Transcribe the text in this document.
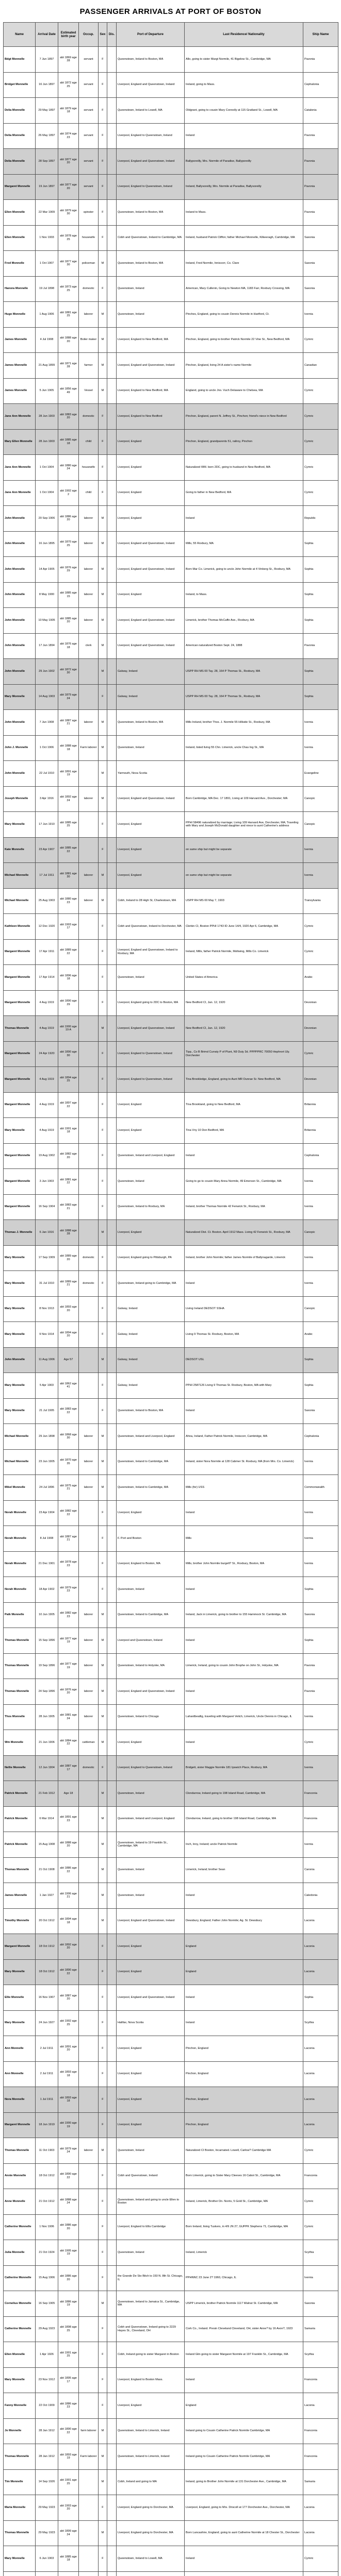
PASSENGER ARRIVALS AT PORT OF BOSTON
Name	Arrival Date	Estimated birth year	Occup.	Sex	Dis.	Port of Departure	Last Residence/ Nationality	Ship Name
Bdgt Monnelle	7 Jun 1897	abt 1869 age 28	servant	F		Queenstown, Ireland to Boston, MA	Allo, going to sister Margt Normile, 41 Bigelow St., Cambridge, MA	Pavonia
Bridget Monnelle	16 Jun 1897	abt 1872 age 25	servant	F		Liverpool, England and Queenstown, Ireland	Ireland, going to Mass.	Cephalonia
Delia Monnelle	29 May 1897	abt 1879 age 18	servant	F		Queenstown, Ireland to Lowell, MA	Oldgrant, going to cousin Mary Connolly at 115 Gratland St., Lowell, MA	Catalonia
Delia Monnelle	26 May 1897	abt 1874 age 23	servant	F		Liverpool, England to Queenstown, Ireland	Ireland	Pavonia
Delia Monnelle	28 Sep 1897	abt 1877 age 20	servant	F		Liverpool, England and Queenstown, Ireland	Ballyporeilly, Mrs. Normile of Paradise, Ballyporeilly	Pavonia
Margaret Monnelle	19 Jun 1897	abt 1877 age 20	servant	F		Liverpool, England to Queenstown, Ireland	Ireland, Ballyvoreilly, Mrs. Normile at Paradise, Ballyvoreilly	Pavonia
Ellen Monnelle	22 Mar 1909	abt 1879 age 30	spinster	F		Queenstown, Ireland to Boston, MA	Ireland to Mass.	Pavonia
Ellen Monnelle	1 Nov 1903	abt 1878 age 25	housewife	F		Cobh and Queenstown, Ireland to Cambridge, MA	Ireland, husband Patrick Cliffon; father Michael Monnelle, Kilkeeragh, Cambridge, MA	Saxonia
Fred Monnelle	1 Oct 1907	abt 1877 age 30	policeman	M		Queenstown, Ireland to Boston, MA	Ireland, Fred Normile, Inniscorr, Co. Clare	Saxonia
Hanora Monnelle	19 Jul 1898	abt 1873 age 25	domestic	F		Queenstown, Ireland	American, Mary Cullenin, Going to Newton MA, 1183 Farr, Roxbury Crossing, MA	Saxonia
Hugo Monnelle	1 Aug 1906	abt 1881 age 25	laborer	M		Queenstown, Ireland	Pinches, England, going to cousin Dennis Normile in Hartford, Ct.	Ivernia
James Monnelle	4 Jul 1908	abt 1888 age 20	Boiler maker	M		Liverpool, England to New Bedford, MA	Pinchon, England, going to brother Patrick Normile 22 Vine St., New Bedford, MA	Cymric
James Monnelle	21 Aug 1899	abt 1871 age 28	farmer	M		Liverpool, England and Queenstown, Ireland	Pinchon, England, living 24 A sister's name Normile	Canadian
James Monnelle	5 Jun 1905	abt 1856 age 49	Vessel	M		Liverpool, England to New Bedford, MA	England, going to uncle Jno. Vuch Delaware to Chelsea, MA	Cymric
Jane Ann Monnelle	28 Jun 1903	abt 1883 age 20	domestic	F		Liverpool, England to New Bedford	Pinchon, England, parent N. Jeffrey St., Pinchon; friend's niece in New Bedford	Cymric
Mary Ellen Monnelle	28 Jun 1903	abt 1885 age 18	child	F		Liverpool, England	Pinchon, England, grandparents 51, railroy, Pinchon	Cymric
Jane Ann Monnelle	1 Oct 1904	abt 1880 age 24	housewife	F		Liverpool, England	Naturalized WM. born 2DC, going to husband in New Bedford, MA	Cymric
Jane Ann Monnelle	1 Oct 1904	abt 1902 age 2	child	F		Liverpool, England	Going to father in New Bedford, MA	Cymric
John Monnelle	20 Sep 1906	abt 1886 age 20	laborer	M		Liverpool, England	Ireland	Republic
John Monnelle	16 Jun 1895	abt 1870 age 25	laborer	M		Liverpool, England and Queenstown, Ireland	Mills, 55 Roxbury, MA	Sophia
John Monnelle	14 Apr 1905	abt 1876 age 29	laborer	M		Liverpool, England and Queenstown, Ireland	Born Mar Co. Limerick, going to uncle John Normile at 4 Vinberg St., Roxbury, MA	Sophia
John Monnelle	8 May 1900	abt 1885 age 15	laborer	M		Liverpool, England	Ireland, to Mass.	Sophia
John Monnelle	10 May 1905	abt 1885 age 20	laborer	M		Liverpool, England and Queenstown, Ireland	Limerick, brother Thomas McCaffe Ave., Roxbury, MA	Sophia
John Monnelle	17 Jun 1894	abt 1876 age 18	clerk	M		Liverpool, England and Queenstown, Ireland	American naturalized Boston Sept. 24, 1888	Pavonia
John Monnelle	29 Jun 1902	abt 1872 age 30		M		Galway, Ireland	USPP RH MS 00 Tay. 28, 164 P Thomas St., Roxbury, MA	Sophia
Mary Monnelle	14 Aug 1903	abt 1879 age 24		F		Galway, Ireland	USPP RH MS 00 Tay. 28, 164 P Thomas St., Roxbury, MA	Sophia
John Monnelle	7 Jun 1908	abt 1887 age 21	laborer	M		Queenstown, Ireland to Boston, MA	Mills Ireland, brother Thos. J. Normile 55 Hillside St., Roxbury, MA	Ivernia
John J. Monnelle	1 Oct 1906	abt 1888 age 18	Farm laborer	M		Queenstown, Ireland	Ireland, listed living 55 Chn. Limerick, uncle Chas Ing St., MA	Ivernia
John Monnelle	22 Jul 1910	abt 1891 age 19		M		Yarmouth, Nova Scotia		Evangeline
Joseph Monnelle	3 Apr 1916	abt 1892 age 24	laborer	M		Liverpool, England and Queenstown, Ireland	Born Cambridge, MA Dec. 17 1891, Living at 109 Harvard Ave., Dorchester; MA	Canopic
Mary Monnelle	17 Jun 1910	abt 1885 age 25		F		Liverpool, England	PPHI 58496 naturalized by marriage; Living 109 Harvard Ave, Dorchester, MA; Traveling with Mary and Joseph McDonald daughter and niece to aunt Catherine's address	Canopic
Kate Monnelle	23 Apr 1907	abt 1885 age 22		F		Liverpool, England	on same ship but might be separate	Ivernia
Michael Monnelle	17 Jul 1911	abt 1881 age 30	laborer	M		Liverpool, England	on same ship but might be separate	Ivernia
Michael Monnelle	25 Aug 1903	abt 1880 age 23	laborer	M		Cobh, Ireland to 28 High St, Charlestown, MA	USPP RH MS 00 May 7, 1903	Transylvania
Kathleen Monnelle	12 Dec 1920	abt 1903 age 17		F		Cobh and Queenstown, Ireland to Dorchester, MA	Clerkin CI, Boston PPHI 1743 ID June 14/4, 1920 Apr 6, Cambridge, MA	Cymric
Margaret Monnelle	17 Apr 1911	abt 1889 age 22		F		Liverpool, England and Queenstown, Ireland to Roxbury, MA	Ireland, Mills, father Patrick Normile, Moltwing, Mills Co. Limerick	Cymric
Margaret Monnelle	17 Apr 1914	abt 1896 age 18		F		Queenstown, Ireland	United States of America	Arabic
Margaret Monnelle	4 Aug 1919	abt 1890 age 29		F		Liverpool, England going to 2DC to Boston, MA	New Bedford CI, Jan. 12, 1920	Devonian
Thomas Monnelle	4 Aug 1919	abt 1900 age 19 A		M		Liverpool, England and Queenstown, Ireland	New Bedford CI, Jan. 12, 1920	Devonian
Margaret Monnelle	24 Apr 1920	abt 1890 age 30		F		Liverpool, England to Queenstown, Ireland	Tipp., Co B Brimd Curraty P of Plunt, N9 Duty 3d. PPPPPRC 70050 Hephrort Uly. Dorchester	Cymric
Margaret Monnelle	4 Aug 1919	abt 1894 age 25		F		Liverpool, England to Queenstown, Ireland	Tina Brookledge, England, going to Aunt MR Dunrae Sr. New Bedford, MA	Devonian
Margaret Monnelle	4 Aug 1919	abt 1897 age 22		F		Liverpool, England	Tina Brookland, going to New Bedford, MA	Britannia
Mary Monnelle	4 Aug 1919	abt 1901 age 18		F		Liverpool, England	Tina Vny 10 Don Bedford, MA	Britannia
Margaret Monnelle	19 Aug 1902	abt 1882 age 20		F		Queenstown, Ireland and Liverpool, England	Ireland	Cephalonia
Margaret Monnelle	3 Jun 1903	abt 1881 age 22		F		Queenstown, Ireland	Going to go to cousin Mary Anna Normile, 49 Emerson St., Cambridge, MA	Ivernia
Margaret Monnelle	16 Sep 1904	abt 1883 age 21		F		Queenstown, Ireland to Roxbury, MA	Ireland, brother Thomas Normile 42 Fenwick St., Roxbury, MA	Ivernia
Thomas J. Monnelle	6 Jan 1916	abt 1888 age 28		M		Liverpool, England	Naturalized Dist. Ct. Boston. April 1912 Mass. Living 42 Fenwick St., Roxbury, MA	Canopic
Mary Monnelle	17 Sep 1909	abt 1889 age 20	domestic	F		Liverpool, England going to Pittsburgh, PA	Ireland, brother John Normile; father James Normile of Ballynagarde, Limerick	Ivernia
Mary Monnelle	31 Jul 1910	abt 1889 age 21	domestic	F		Queenstown, Ireland going to Cambridge, MA	Ireland	Ivernia
Mary Monnelle	8 Nov 1913	abt 1893 age 20		F		Galway, Ireland	Living Ireland DEDSOT SSHA	Canopic
Mary Monnelle	9 Nov 1914	abt 1894 age 20		F		Galway, Ireland	Living 9 Thomas St. Roxbury, Boston, MA	Arabic
John Monnelle	11 Aug 1906	Age 57		M		Galway, Ireland	DEDSOT USL	Sophia
Mary Monnelle	5 Apr 1903	abt 1862 age 41		F		Galway, Ireland	PPHI 2587126 Living 9 Thomas St. Roxbury, Boston, MA with Mary	Sophia
Mary Monnelle	21 Jul 1905	abt 1883 age 22		F		Queenstown, Ireland to Boston, MA	Ireland	Saxonia
Michael Monnelle	29 Jun 1898	abt 1868 age 30	laborer	M		Queenstown, Ireland and Liverpool, England	Ahna, Ireland, Father Patrick Normile, Inniscorr, Cambridge, MA	Cephalonia
Michael Monnelle	23 Jun 1905	abt 1870 age 35	laborer	M		Queenstown, Ireland to Cambridge, MA	Ireland, sister Nora Normile at 128 Cabmer St. Roxbury, MA (from Mrs. Co. Limerick)	Ivernia
Mikel Monnelle	24 Jul 1896	abt 1875 age 21	laborer	M		Queenstown, Ireland to Cambridge, MA	Mills (for) USS	Commonwealth
Norah Monnelle	23 Apr 1904	abt 1882 age 22		F		Liverpool, England	Ireland	Ivernia
Norah Monnelle	8 Jul 1908	abt 1887 age 21		F		F. Port and Boston	Mills	Ivernia
Norah Monnelle	21 Dec 1901	abt 1878 age 23		F		Liverpool, England to Boston, MA	Mills, brother John Normile burgelt? St., Roxbury, Boston, MA	Ivernia
Norah Monnelle	18 Apr 1902	abt 1879 age 23		F		Queenstown, Ireland	Ireland	Sophia
Patk Monnelle	10 Jun 1905	abt 1882 age 23	laborer	M		Queenstown, Ireland to Cambridge, MA	Ireland, Jack in Limerick, going to brother to 155 Hammock St. Cambridge, MA	Saxonia
Thomas Monnelle	15 Sep 1896	abt 1877 age 19	laborer	M		Liverpool and Queenstown, Ireland	Ireland	Sophia
Thomas Monnelle	19 Sep 1896	abt 1877 age 19	laborer	M		Queenstown, Ireland to Holyoke, MA	Limerick, Ireland, going to cousin John Brophe on John St., Holyoke, MA	Pavonia
Thomas Monnelle	24 Sep 1896	abt 1876 age 20	laborer	M		Liverpool, England and Queenstown, Ireland	Ireland	Pavonia
Thos Monnelle	28 Jun 1905	abt 1881 age 24	laborer	M		Queenstown, Ireland to Chicago	Lahardbeallig, traveling with Margaret Veitch, Limerick, Uncle Dennis in Chicago, IL	Ivernia
Wm Monnelle	21 Jun 1906	abt 1884 age 22	cattleman	M		Liverpool, England	Ireland	Cymric
Nellie Monnelle	12 Jun 1904	abt 1887 age 17	domestic	F		Liverpool, England to Queenstown, Ireland	Bridgett, sister Maggie Normile 181 Ipswich Place, Roxbury, MA	Ivernia
Patrick Monnelle	21 Feb 1912	Age 18		M		Queenstown, Ireland	Clondarrow, Ireland going to 198 Island Road, Cambridge, MA	Franconia
Patrick Monnelle	6 Mar 1914	abt 1891 age 23		M		Queenstown, Ireland and Liverpool, England	Clondarrow, Ireland, going to brother 198 Island Road, Cambridge, MA	Franconia
Patrick Monnelle	15 Aug 1908	abt 1888 age 20		M		Queenstown, Ireland to 19 Franklin St., Cambridge, MA	Inch, Inny, Ireland; uncle Patrick Normile	Ivernia
Thomas Monnelle	21 Oct 1908	abt 1886 age 22		M		Queenstown, Ireland	Limerick, Ireland; brother Sean	Caronia
James Monnelle	1 Jan 1927	abt 1906 age 21		M		Queenstown, Ireland	Ireland	Caledonia
Timothy Monnelle	20 Oct 1912	abt 1894 age 18		M		Liverpool, England and Queenstown, Ireland	Dewsbury, England; Father John Normile; Ag. St. Dewsbury	Laconia
Margaret Monnelle	18 Oct 1912	abt 1892 age 20		F		Liverpool, England	England	Laconia
Mary Monnelle	18 Oct 1912	abt 1890 age 22		F		Liverpool, England	England	Laconia
Ellie Monnelle	16 Nov 1907	abt 1887 age 20		F		Liverpool, England and Queenstown, Ireland	Ireland	Sophia
Mary Monnelle	24 Jun 1927	abt 1902 age 25		F		Halifax, Nova Scotia	Ireland	Scythia
Ann Monnelle	2 Jul 1911	abt 1891 age 20		F		Liverpool, England	Pinchon, England	Laconia
Ann Monnelle	2 Jul 1911	abt 1893 age 18		F		Liverpool, England	Pinchon, England	Laconia
Nora Monnelle	1 Jul 1911	abt 1893 age 18		F		Liverpool, England	Pinchon, England	Laconia
Margaret Monnelle	18 Jun 1919	abt 1900 age 19		F		Liverpool, England	Pinchon, England	Laconia
Thomas Monnelle	11 Oct 1903	abt 1879 age 24	laborer	M		Queenstown, Ireland	Naturalized CI Boston, Incarnated. Lowell, Carlow? Cambridge MA	Cymric
Annie Monnelle	18 Oct 1912	abt 1890 age 22		F		Cobh and Queenstown, Ireland	Born Limerick, going to Sister Mary Cleeves 16 Cabot St., Cambridge, MA	Franconia
Anne Monnelle	21 Oct 1912	abt 1888 age 24		F		Queenstown, Ireland and going to uncle Ellen to Boston	Ireland, Limerick, Brother Dn. Norris, 5 Gold St., Cambridge, MA	Cymric
Catherine Monnelle	1 Nov 1906	abt 1886 age 20		F		Liverpool, England to Ellis Cambridge	Born Ireland, living Tuskers, in 4/9 JN 27, GUPPK Stephens 71, Cambridge, MA	Cymric
Julia Monnelle	21 Oct 1924	abt 1905 age 19		F		Queenstown, Ireland	Ireland, Limerick	Scythia
Catherine Monnelle	15 Aug 1906	abt 1886 age 20		F		the Grande De Sto Bitch to 150 N. 8th St. Chicago, IL	PPHNNC 23 June 2? 1960, Chicago, IL	Ivernia
Cornelius Monnelle	16 Sep 1905	abt 1886 age 19		M		Queenstown, Ireland to Jamaica St., Cambridge, MA	USPP Limerick, brother Patrick Normile 1117 Walnut St. Cambridge, MA	Saxonia
Catherine Monnelle	29 Aug 1923	abt 1898 age 25		F		Cobh and Queenstown, Ireland going to 2229 Hayes St., Cleveland, OH	Cork Co., Ireland. Presin Cleveland Cleveland, OH, sister Anne? by 16 Avon?, 1923	Samaria
Ellen Monnelle	1 Apr 1926	abt 1901 age 25		F		Cobh, Ireland going to sister Margaret in Boston	Ireland Glin going to sister Margaret Normile at 197 Franklin St., Cambridge, MA	Scythia
Mary Monnelle	23 Nov 1912	abt 1895 age 17		F		Liverpool, England to Boston Mass.	Ireland	Franconia
Fanny Monnelle	22 Oct 1909	abt 1886 age 23		F		Liverpool, England	England	Laconia
Jo Monnelle	28 Jan 1912	abt 1890 age 22	farm laborer	M		Queenstown, Ireland to Limerick, Ireland	Ireland going to Cousin Catherine Patrick Normile Cambridge, MA	Franconia
Thomas Monnelle	28 Jan 1912	abt 1893 age 19	Farm laborer	M		Queenstown, Ireland to Limerick, Ireland	Ireland going to Cousin Catherine Patrick Normile Cambridge, MA	Franconia
Tim Monnelle	14 Sep 1926	abt 1901 age 25		M		Cobh, Ireland and going to MA	Ireland, going to Brother John Normile at 131 Dorchester Ave., Cambridge, MA	Samaria
Maria Monnelle	29 May 1923	abt 1903 age 20		F		Liverpool, England going to Dorchester, MA	Liverpool, England, going to Mrs. Driscoll at 177 Dorchester Ave., Dorchester, MA	Laconia
Thomas Monnelle	29 May 1923	abt 1899 age 24		M		Liverpool, England going to Dorchester, MA	Born Lancashire, England; going to aunt Catherine Normile at 18 Chester St., Dorchester	Laconia
Mary Monnelle	6 Jun 1903	abt 1885 age 18		F		Queenstown, Ireland to Lowell, MA	Ireland	Cymric
